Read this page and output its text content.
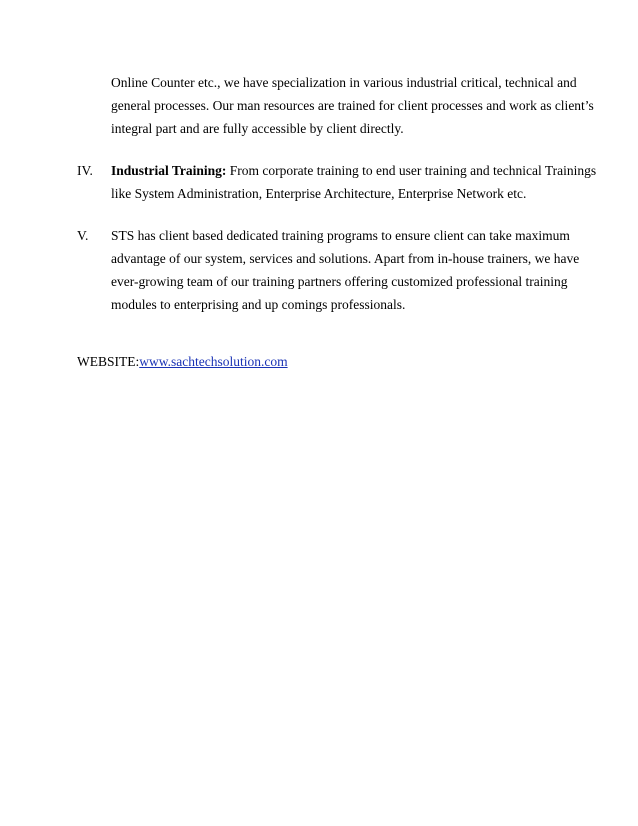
Online Counter etc., we have specialization in various industrial critical, technical and
general processes. Our man resources are trained for client processes and work as client’s
integral part and are fully accessible by client directly.
IV. Industrial Training: From corporate training to end user training and technical Trainings
like System Administration, Enterprise Architecture, Enterprise Network etc.
V. STS has client based dedicated training programs to ensure client can take maximum
advantage of our system, services and solutions. Apart from in-house trainers, we have
ever-growing team of our training partners offering customized professional training
modules to enterprising and up comings professionals.
WEBSITE:www.sachtechsolution.com
